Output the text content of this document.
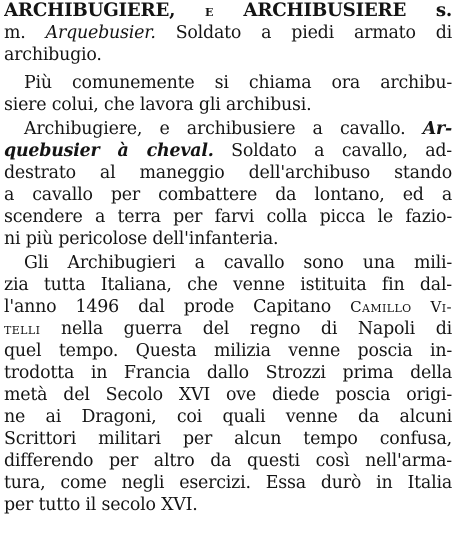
ARCHIBUGIERE, e ARCHIBUSIERE s.
m. Arquebusier. Soldato a piedi armato di
archibugio.
Più comunemente si chiama ora archibu-
siere colui, che lavora gli archibusi.
Archibugiere, e archibusiere a cavallo. Ar-
quebusier à cheval. Soldato a cavallo, ad-
destrato al maneggio dell'archibuso stando
a cavallo per combattere da lontano, ed a
scendere a terra per farvi colla picca le fazio-
ni più pericolose dell'infanteria.
Gli Archibugieri a cavallo sono una mili-
zia tutta Italiana, che venne istituita fin dal-
l'anno 1496 dal prode Capitano Camillo Vi-
telli nella guerra del regno di Napoli di
quel tempo. Questa milizia venne poscia in-
trodotta in Francia dallo Strozzi prima della
metà del Secolo XVI ove diede poscia origi-
ne ai Dragoni, coi quali venne da alcuni
Scrittori militari per alcun tempo confusa,
differendo per altro da questi così nell'arma-
tura, come negli esercizi. Essa durò in Italia
per tutto il secolo XVI.
